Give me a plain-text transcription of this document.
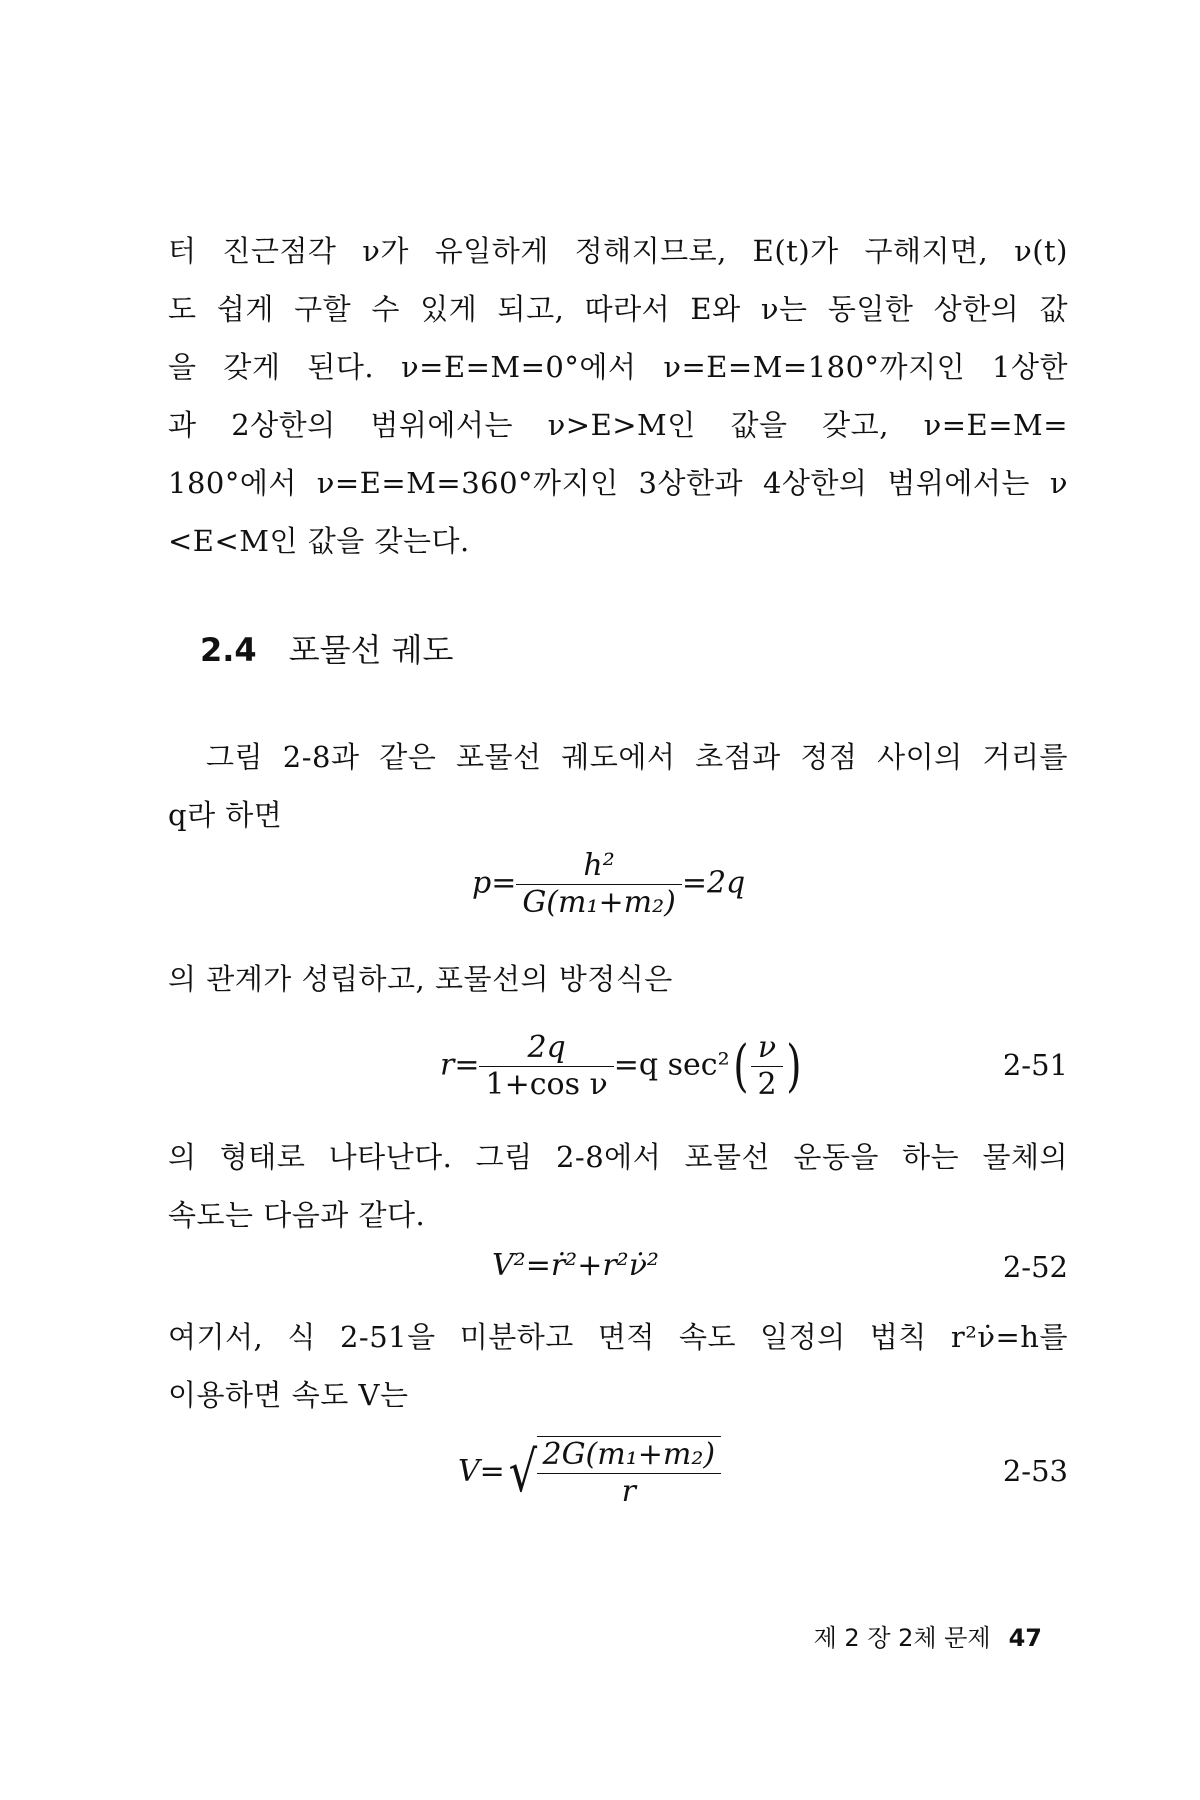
터 진근점각 ν가 유일하게 정해지므로, E(t)가 구해지면, ν(t)
도 쉽게 구할 수 있게 되고, 따라서 E와 ν는 동일한 상한의 값
을 갖게 된다. ν=E=M=0°에서 ν=E=M=180°까지인 1상한
과 2상한의 범위에서는 ν>E>M인 값을 갖고, ν=E=M=
180°에서 ν=E=M=360°까지인 3상한과 4상한의 범위에서는 ν
<E<M인 값을 갖는다.
2.4 포물선 궤도
그림 2-8과 같은 포물선 궤도에서 초점과 정점 사이의 거리를
q라 하면
$p= \frac{\text{h²}}{\text{G(m₁+m₂)}} =2q$
의 관계가 성립하고, 포물선의 방정식은
$r= \frac{2q}{\text{1+cos ν}} =q$ $\sec^2( \frac{\nu}{2}$ )	2-51
의 형태로 나타난다. 그림 2-8에서 포물선 운동을 하는 물체의
속도는 다음과 같다.
V²=ṙ²+r²ν̇²	2-52
여기서, 식 2-51을 미분하고 면적 속도 일정의 법칙 r²ν̇=h를
이용하면 속도 V는
$V=√ \frac{\text{2G(m₁+m₂)}}{r}$	2-53
제 2 장 2체 문제 47
